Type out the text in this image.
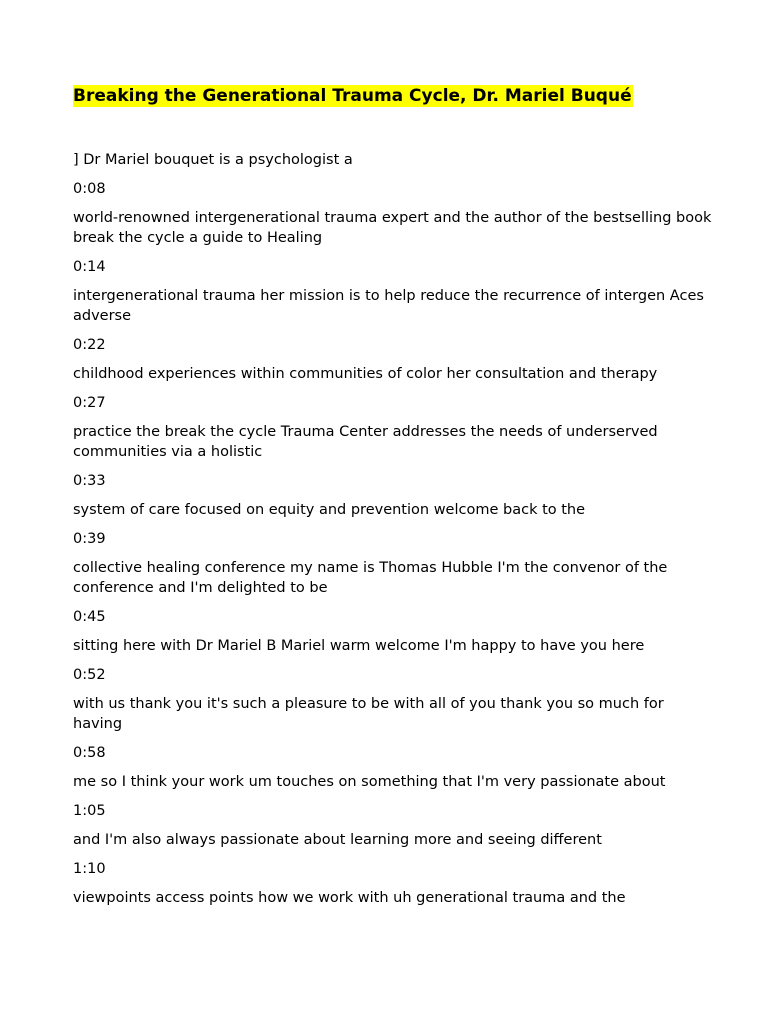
Breaking the Generational Trauma Cycle, Dr. Mariel Buqué

] Dr Mariel bouquet is a psychologist a

0:08

world-renowned intergenerational trauma expert and the author of the bestselling book break the cycle a guide to Healing

0:14

intergenerational trauma her mission is to help reduce the recurrence of intergen Aces adverse

0:22

childhood experiences within communities of color her consultation and therapy

0:27

practice the break the cycle Trauma Center addresses the needs of underserved communities via a holistic

0:33

system of care focused on equity and prevention welcome back to the

0:39

collective healing conference my name is Thomas Hubble I'm the convenor of the conference and I'm delighted to be

0:45

sitting here with Dr Mariel B Mariel warm welcome I'm happy to have you here

0:52

with us thank you it's such a pleasure to be with all of you thank you so much for having

0:58

me so I think your work um touches on something that I'm very passionate about

1:05

and I'm also always passionate about learning more and seeing different

1:10

viewpoints access points how we work with uh generational trauma and the
